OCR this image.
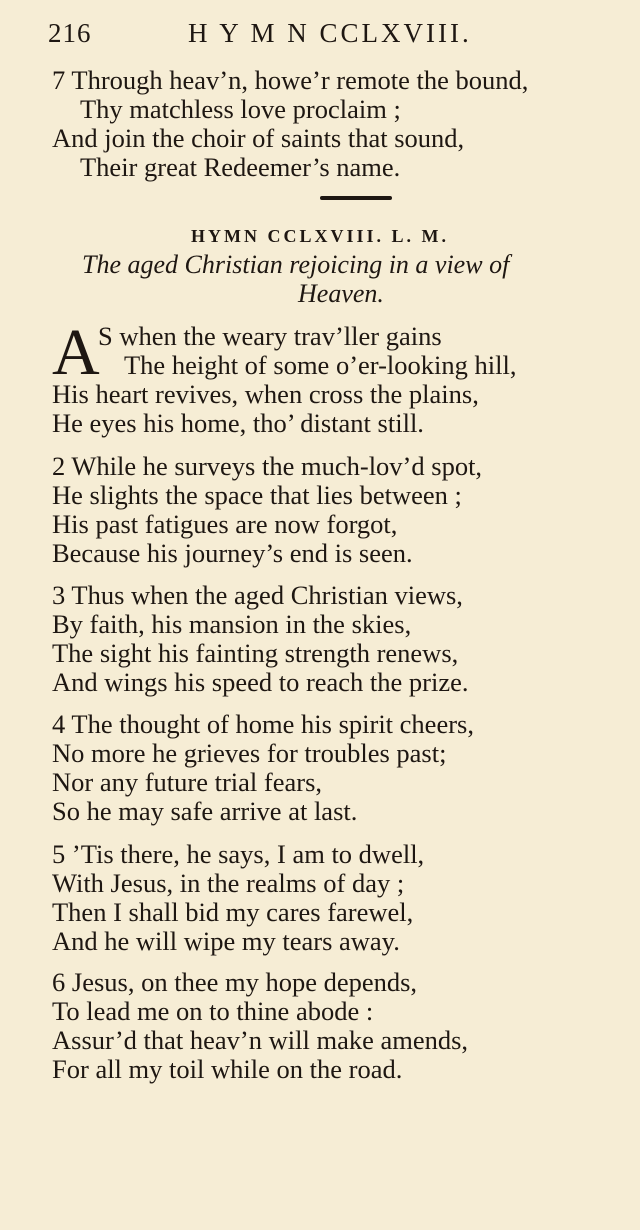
216	H Y M N CCLXVIII.
7 Through heav’n, howe’r remote the bound,
Thy matchless love proclaim ;
And join the choir of saints that sound,
Their great Redeemer’s name.
HYMN CCLXVIII. L. M.
The aged Christian rejoicing in a view of
Heaven.
A
S when the weary trav’ller gains
The height of some o’er-looking hill,
His heart revives, when cross the plains,
He eyes his home, tho’ distant still.
2 While he surveys the much-lov’d spot,
He slights the space that lies between ;
His past fatigues are now forgot,
Because his journey’s end is seen.
3 Thus when the aged Christian views,
By faith, his mansion in the skies,
The sight his fainting strength renews,
And wings his speed to reach the prize.
4 The thought of home his spirit cheers,
No more he grieves for troubles past;
Nor any future trial fears,
So he may safe arrive at last.
5 ’Tis there, he says, I am to dwell,
With Jesus, in the realms of day ;
Then I shall bid my cares farewel,
And he will wipe my tears away.
6 Jesus, on thee my hope depends,
To lead me on to thine abode :
Assur’d that heav’n will make amends,
For all my toil while on the road.
